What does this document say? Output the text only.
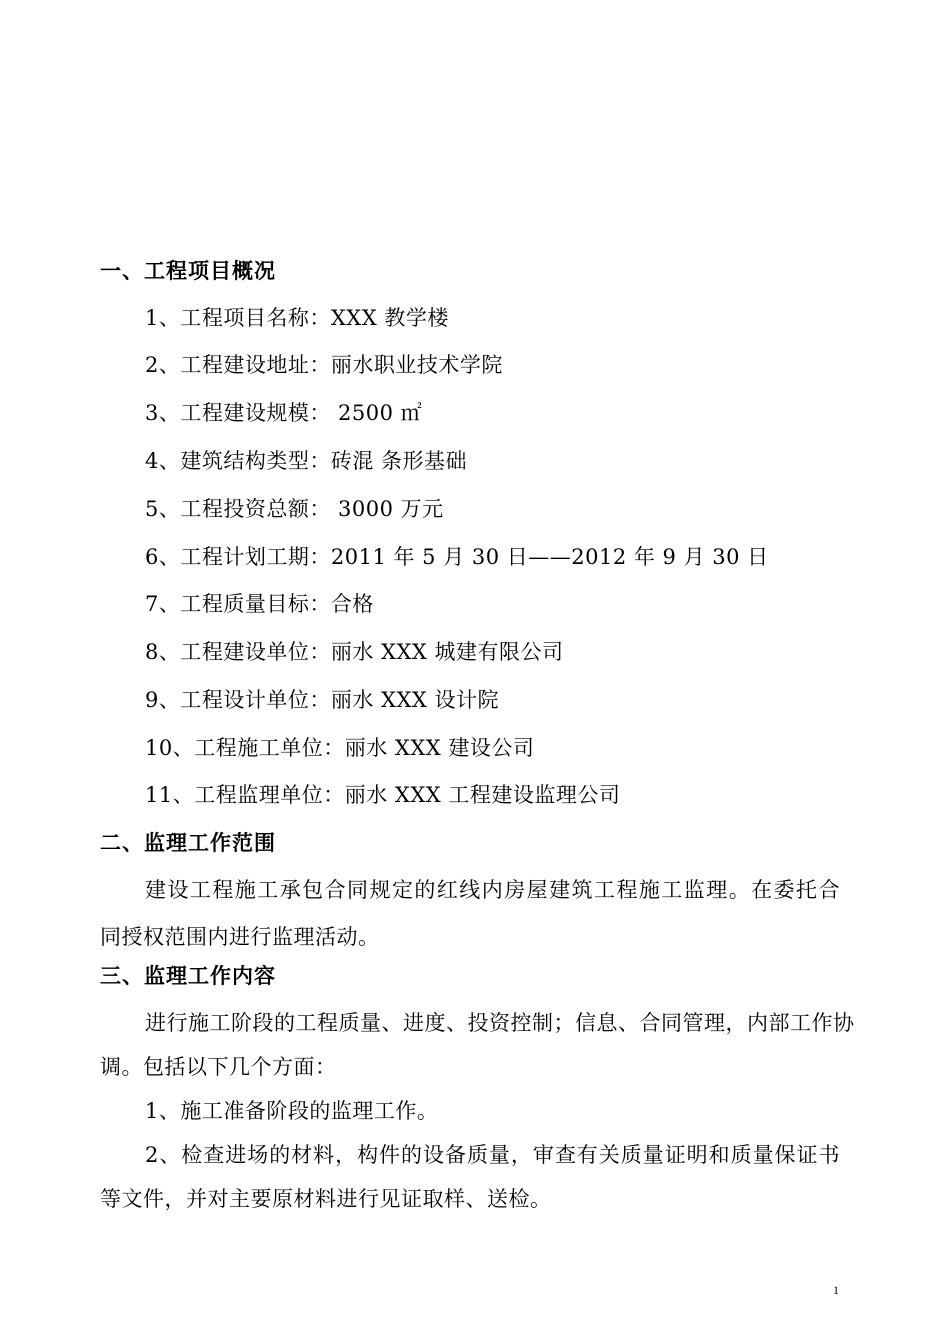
一、工程项目概况
1、工程项目名称：XXX 教学楼
2、工程建设地址：丽水职业技术学院
3、工程建设规模： 2500 ㎡
4、建筑结构类型：砖混 条形基础
5、工程投资总额： 3000 万元
6、工程计划工期：2011 年 5 月 30 日——2012 年 9 月 30 日
7、工程质量目标：合格
8、工程建设单位：丽水 XXX 城建有限公司
9、工程设计单位：丽水 XXX 设计院
10、工程施工单位：丽水 XXX 建设公司
11、工程监理单位：丽水 XXX 工程建设监理公司
二、监理工作范围
建设工程施工承包合同规定的红线内房屋建筑工程施工监理。在委托合
同授权范围内进行监理活动。
三、监理工作内容
进行施工阶段的工程质量、进度、投资控制；信息、合同管理，内部工作协
调。包括以下几个方面：
1、施工准备阶段的监理工作。
2、检查进场的材料，构件的设备质量，审查有关质量证明和质量保证书
等文件，并对主要原材料进行见证取样、送检。
1
